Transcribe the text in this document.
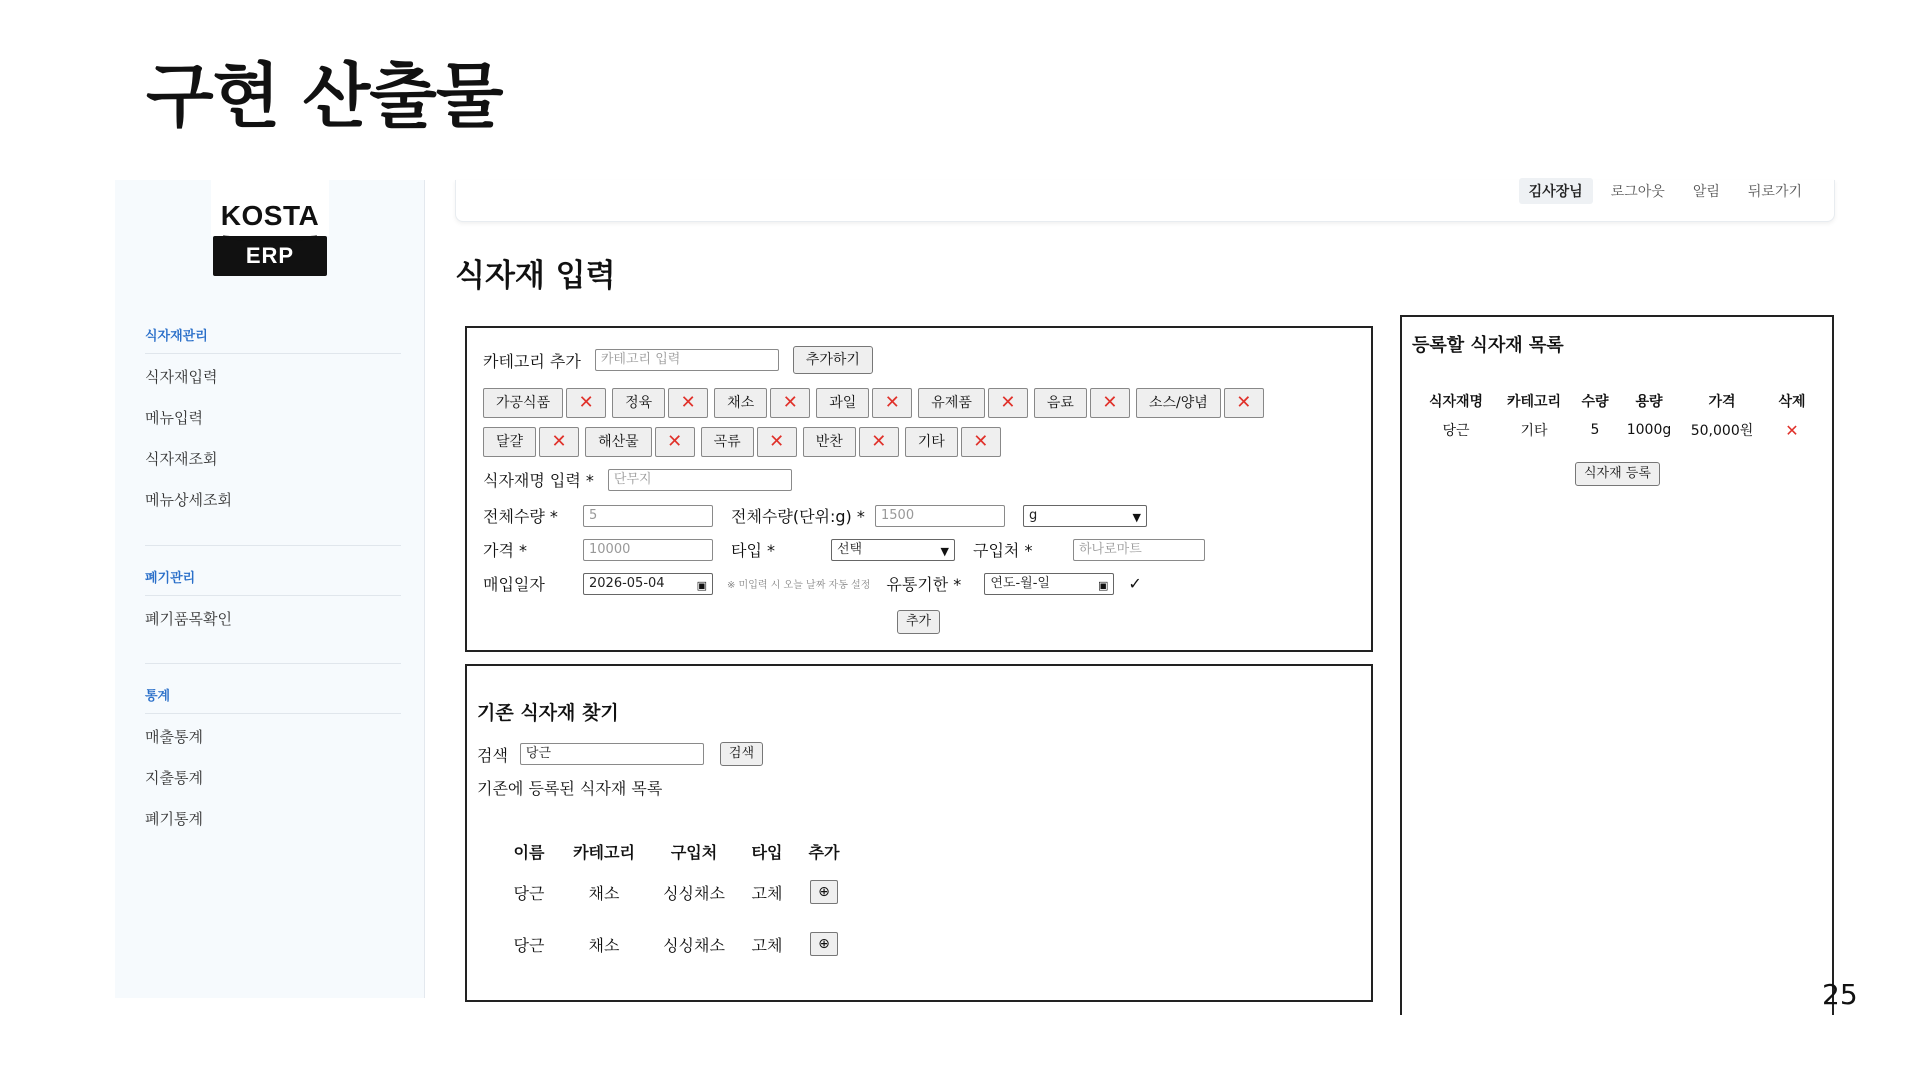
구현 산출물
KOSTA
ERP
식자재관리
식자재입력
메뉴입력
식자재조회
메뉴상세조회
폐기관리
폐기품목확인
통계
매출통계
지출통계
폐기통계
김사장님	로그아웃	알림	뒤로가기
식자재 입력
카테고리 추가	카테고리 입력	추가하기
가공식품	✕	정육	✕	채소	✕	과일	✕	유제품	✕	음료	✕	소스/양념	✕
달걀	✕	해산물	✕	곡류	✕	반찬	✕	기타	✕
식자재명 입력 *	단무지
전체수량 *	5	전체수량(단위:g) *	1500	g	▼
가격 *	10000	타입 *	선택	▼ 구입처 *	하나로마트
매입일자	2026-05-04	▣ ※ 미입력 시 오늘 날짜 자동 설정 유통기한 *	연도-월-일	▣ ✓
추가
기존 식자재 찾기
검색	당근	검색
기존에 등록된 식자재 목록
이름	카테고리	구입처	타입	추가
당근	채소	싱싱채소	고체	⊕
당근	채소	싱싱채소	고체	⊕
등록할 식자재 목록
식자재명	카테고리	수량	용량	가격	삭제
당근	기타	5	1000g	50,000원	✕
식자재 등록
25
